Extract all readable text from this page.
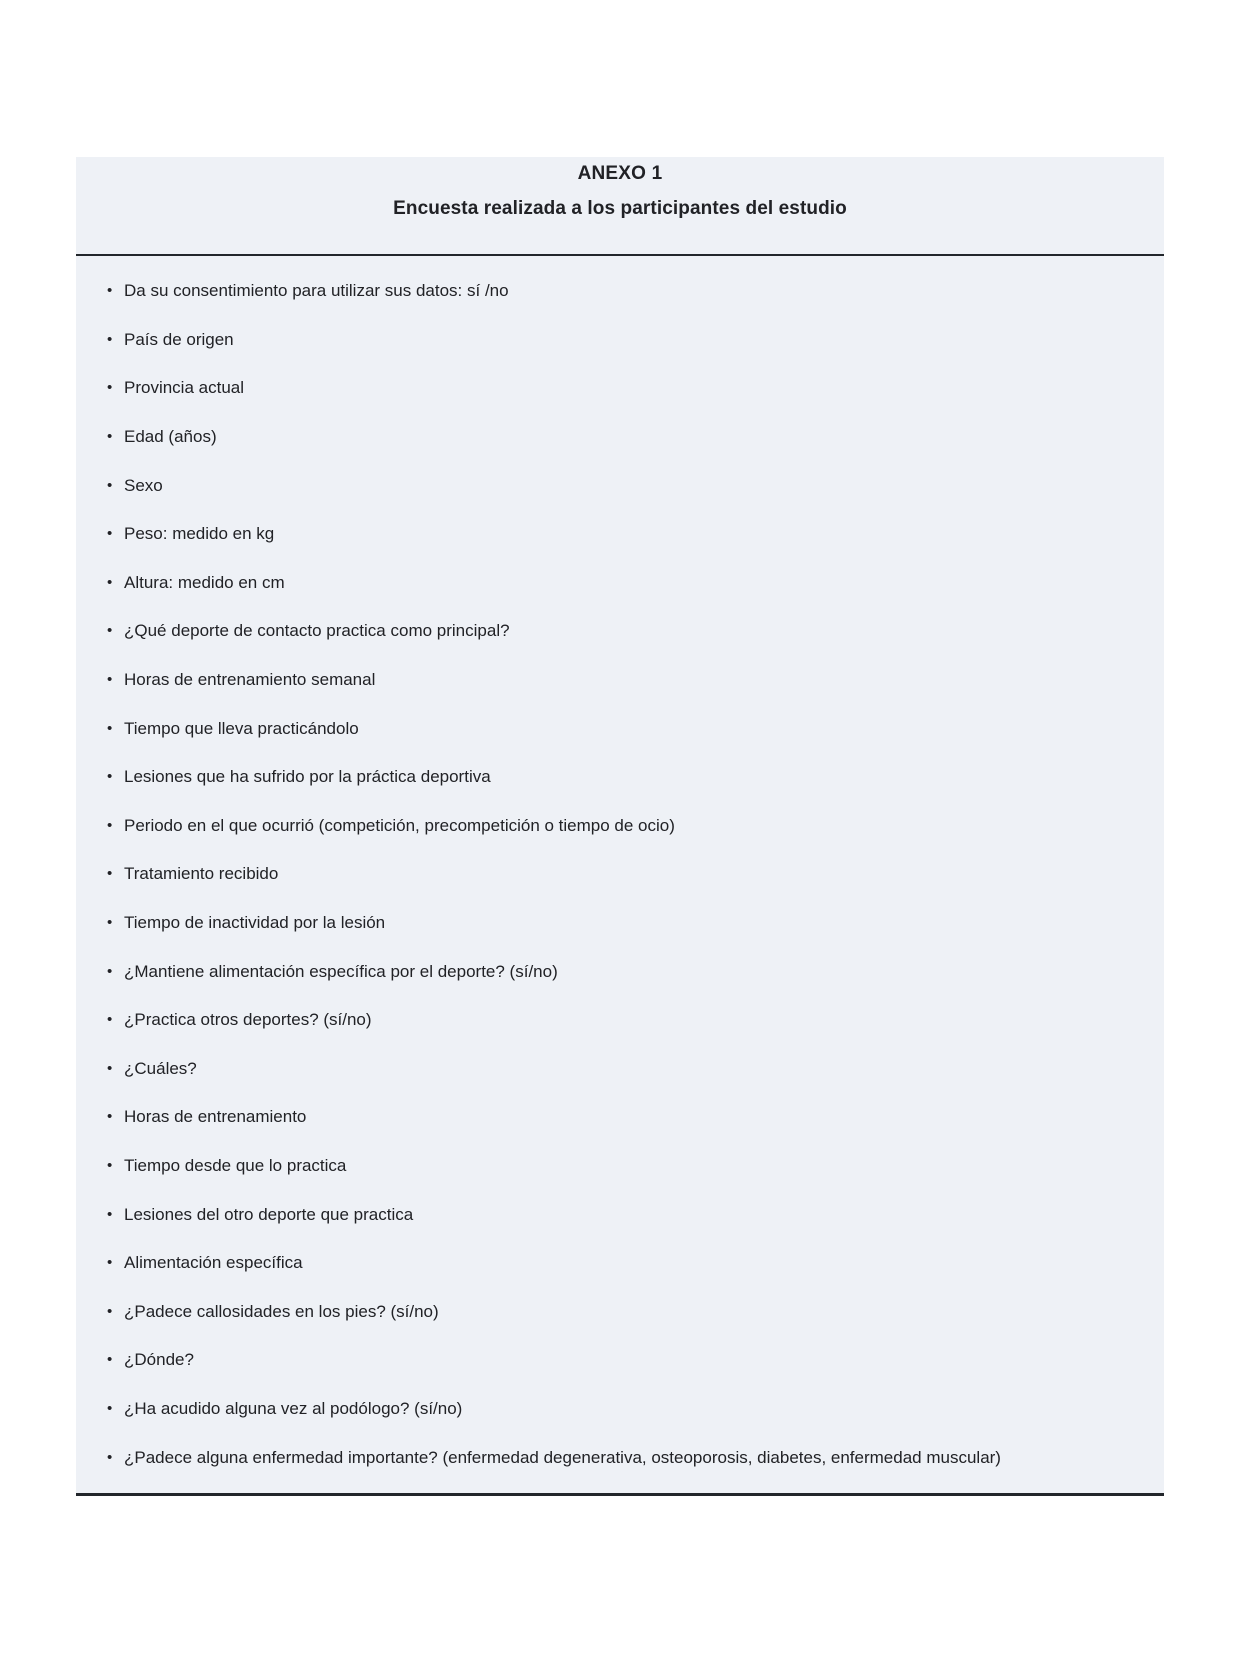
ANEXO 1
Encuesta realizada a los participantes del estudio
• Da su consentimiento para utilizar sus datos: sí /no
• País de origen
• Provincia actual
• Edad (años)
• Sexo
• Peso: medido en kg
• Altura: medido en cm
• ¿Qué deporte de contacto practica como principal?
• Horas de entrenamiento semanal
• Tiempo que lleva practicándolo
• Lesiones que ha sufrido por la práctica deportiva
• Periodo en el que ocurrió (competición, precompetición o tiempo de ocio)
• Tratamiento recibido
• Tiempo de inactividad por la lesión
• ¿Mantiene alimentación específica por el deporte? (sí/no)
• ¿Practica otros deportes? (sí/no)
• ¿Cuáles?
• Horas de entrenamiento
• Tiempo desde que lo practica
• Lesiones del otro deporte que practica
• Alimentación específica
• ¿Padece callosidades en los pies? (sí/no)
• ¿Dónde?
• ¿Ha acudido alguna vez al podólogo? (sí/no)
• ¿Padece alguna enfermedad importante? (enfermedad degenerativa, osteoporosis, diabetes, enfermedad muscular)
